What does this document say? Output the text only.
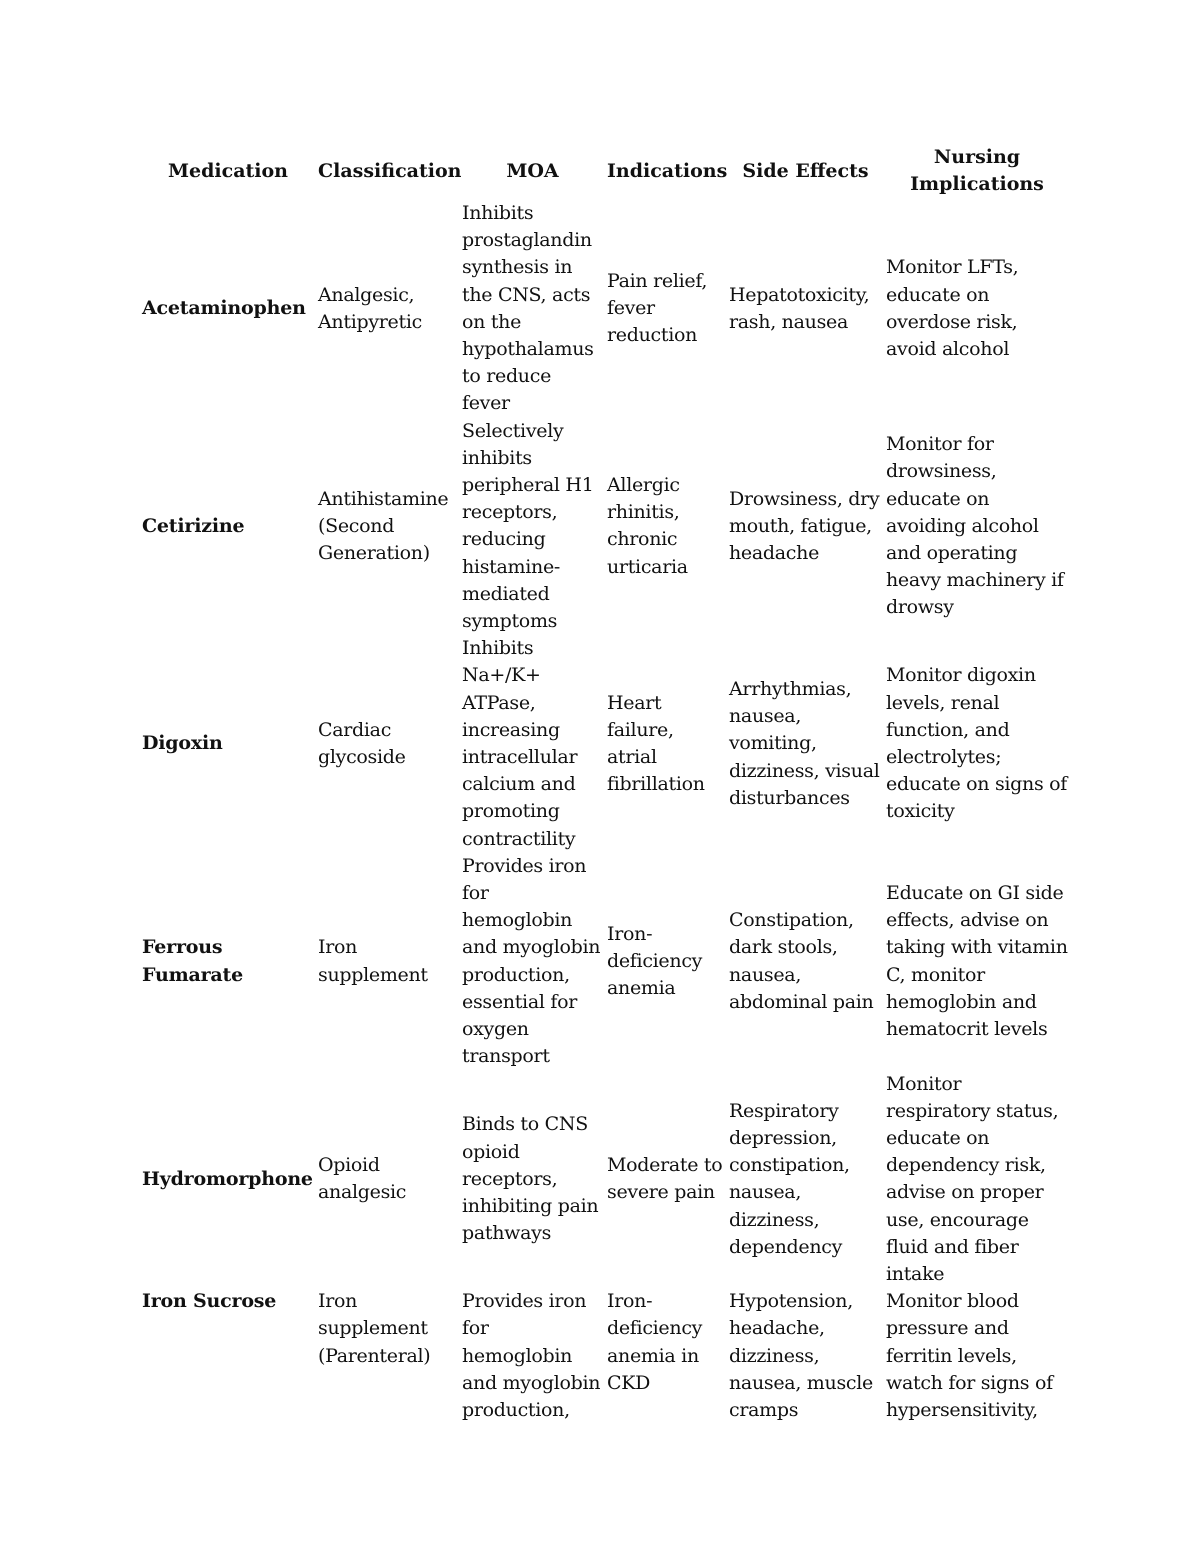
Medication	Classification	MOA	Indications	Side Effects	Nursing Implications
Acetaminophen	Analgesic, Antipyretic	Inhibits prostaglandin synthesis in the CNS, acts on the hypothalamus to reduce fever	Pain relief, fever reduction	Hepatotoxicity, rash, nausea	Monitor LFTs, educate on overdose risk, avoid alcohol
Cetirizine	Antihistamine (Second Generation)	Selectively inhibits peripheral H1 receptors, reducing histamine-mediated symptoms	Allergic rhinitis, chronic urticaria	Drowsiness, dry mouth, fatigue, headache	Monitor for drowsiness, educate on avoiding alcohol and operating heavy machinery if drowsy
Digoxin	Cardiac glycoside	Inhibits Na+/K+ ATPase, increasing intracellular calcium and promoting contractility	Heart failure, atrial fibrillation	Arrhythmias, nausea, vomiting, dizziness, visual disturbances	Monitor digoxin levels, renal function, and electrolytes; educate on signs of toxicity
Ferrous Fumarate	Iron supplement	Provides iron for hemoglobin and myoglobin production, essential for oxygen transport	Iron-deficiency anemia	Constipation, dark stools, nausea, abdominal pain	Educate on GI side effects, advise on taking with vitamin C, monitor hemoglobin and hematocrit levels
Hydromorphone	Opioid analgesic	Binds to CNS opioid receptors, inhibiting pain pathways	Moderate to severe pain	Respiratory depression, constipation, nausea, dizziness, dependency	Monitor respiratory status, educate on dependency risk, advise on proper use, encourage fluid and fiber intake
Iron Sucrose	Iron supplement (Parenteral)	Provides iron for hemoglobin and myoglobin production,	Iron-deficiency anemia in CKD	Hypotension, headache, dizziness, nausea, muscle cramps	Monitor blood pressure and ferritin levels, watch for signs of hypersensitivity,
